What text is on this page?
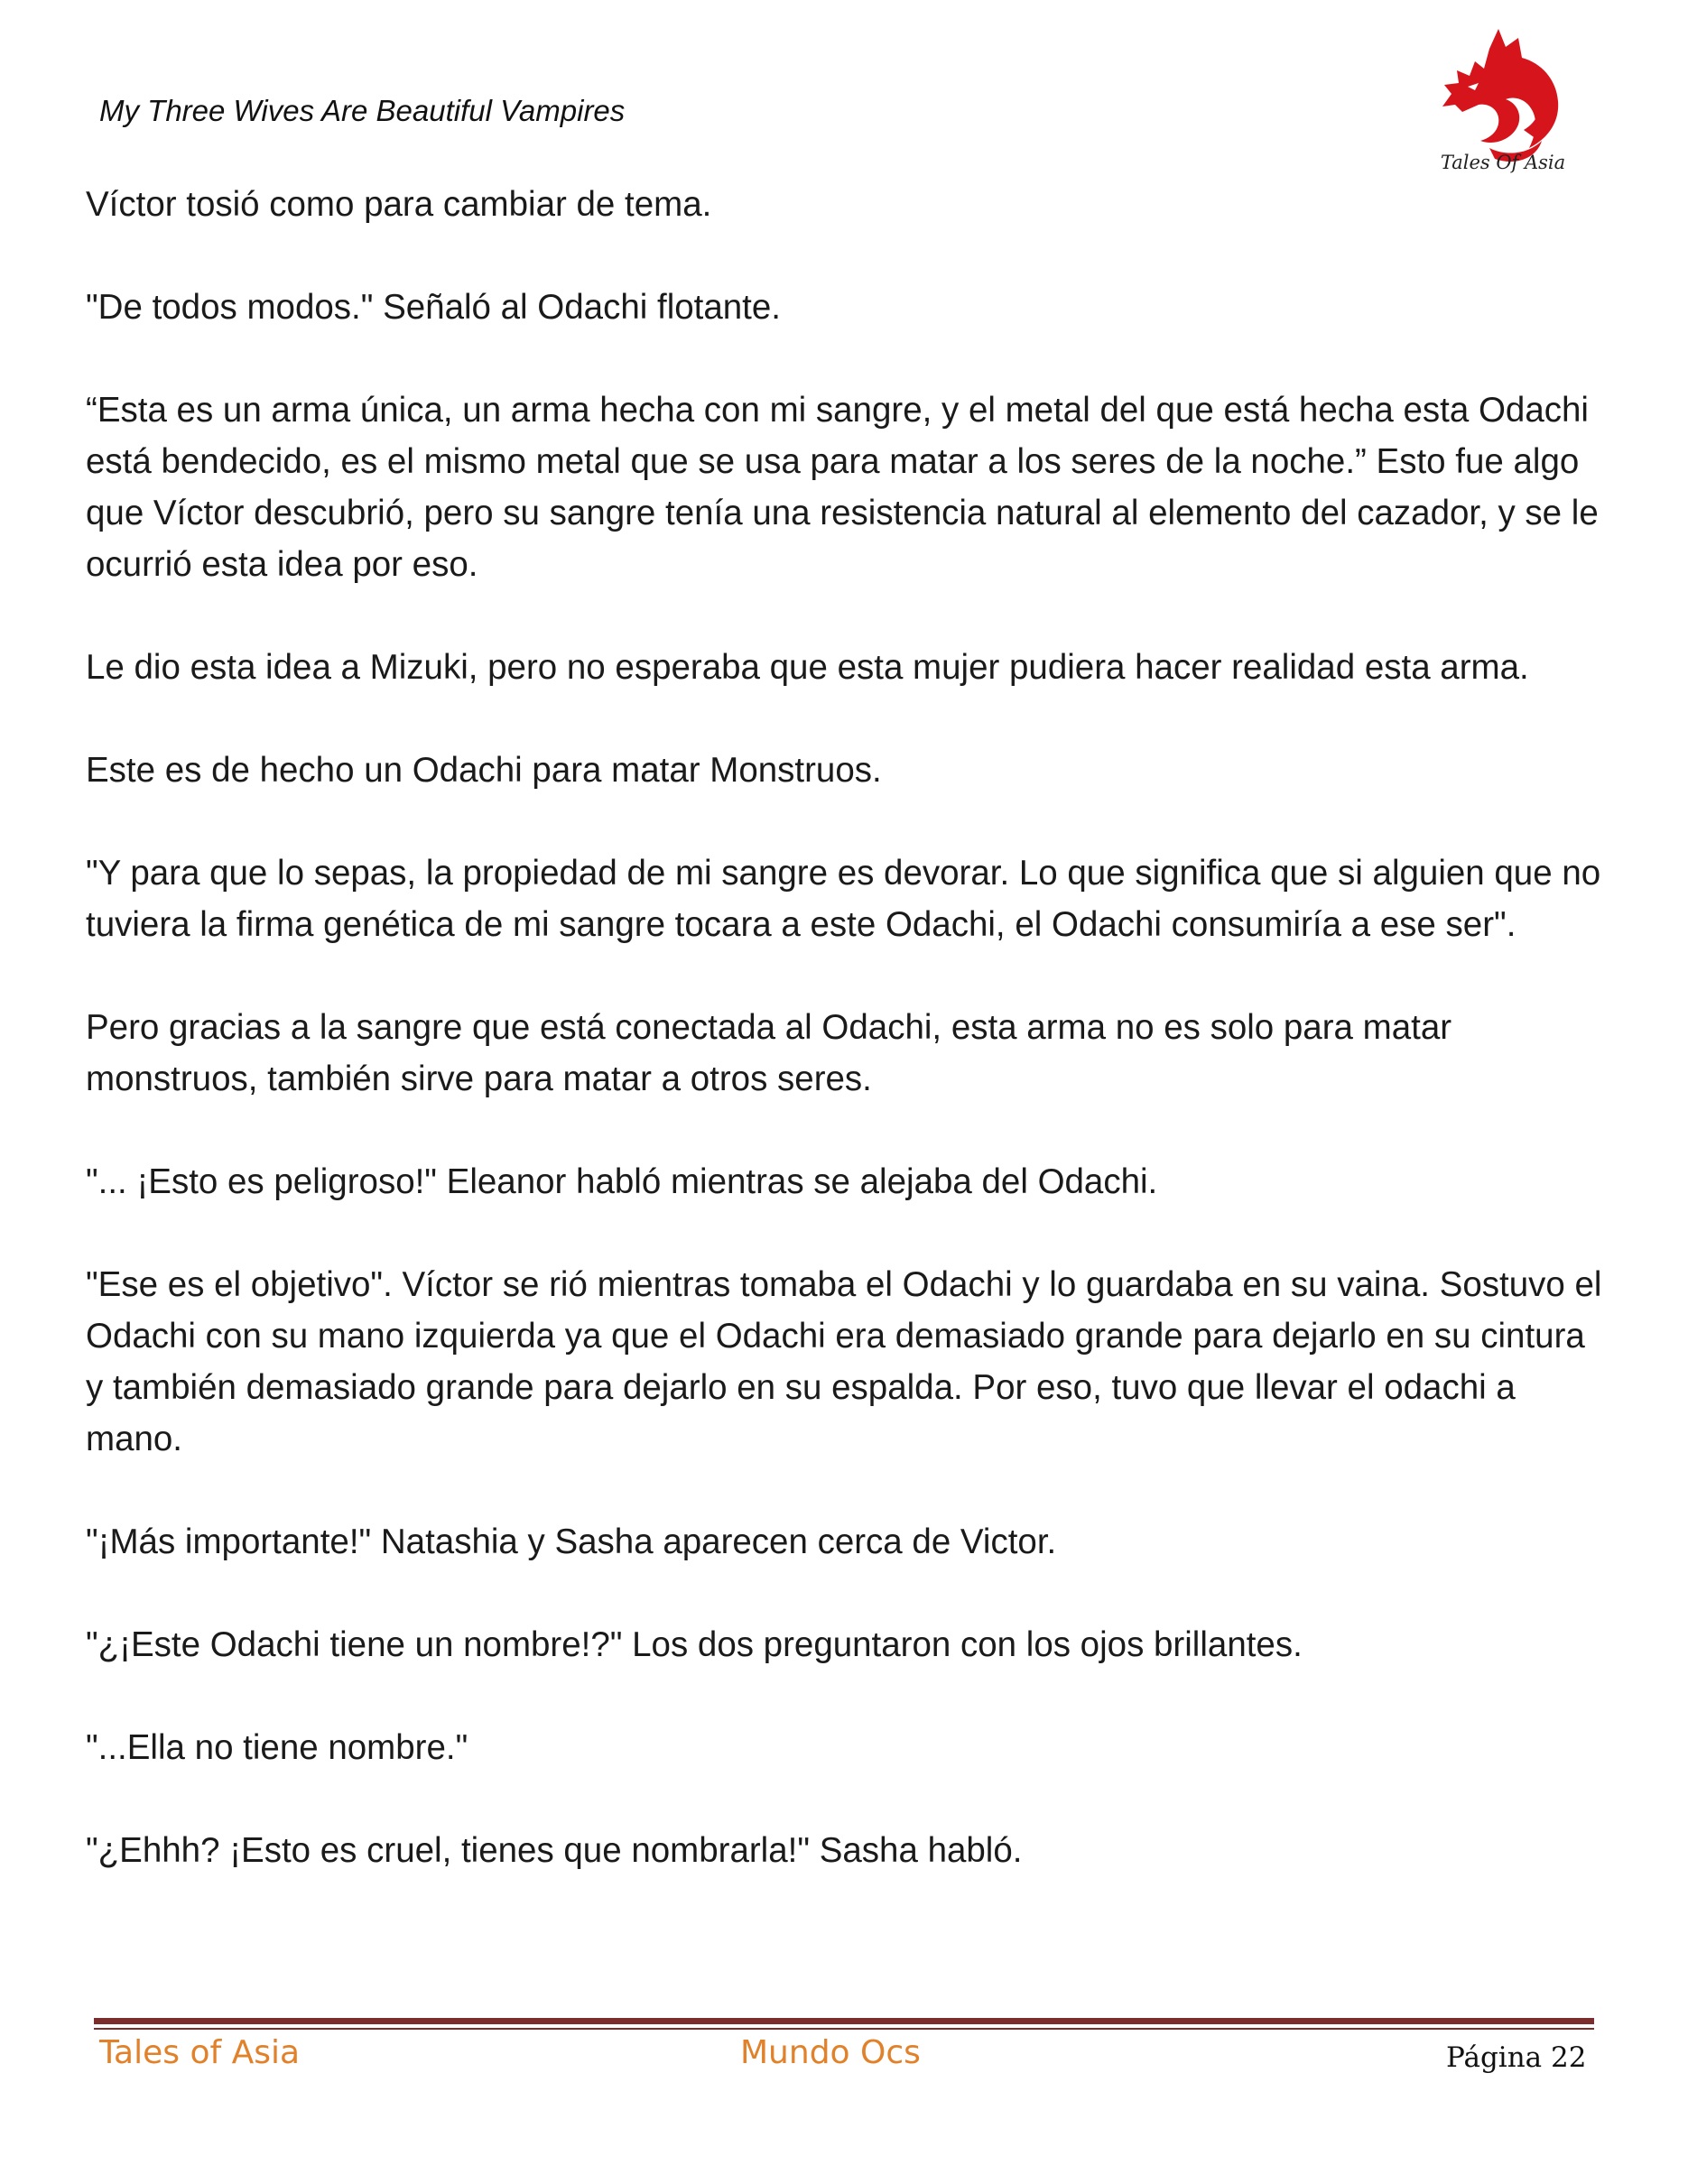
My Three Wives Are Beautiful Vampires
Tales Of Asia

Víctor tosió como para cambiar de tema.

"De todos modos." Señaló al Odachi flotante.

“Esta es un arma única, un arma hecha con mi sangre, y el metal del que está hecha esta Odachi está bendecido, es el mismo metal que se usa para matar a los seres de la noche.” Esto fue algo que Víctor descubrió, pero su sangre tenía una resistencia natural al elemento del cazador, y se le ocurrió esta idea por eso.

Le dio esta idea a Mizuki, pero no esperaba que esta mujer pudiera hacer realidad esta arma.

Este es de hecho un Odachi para matar Monstruos.

"Y para que lo sepas, la propiedad de mi sangre es devorar. Lo que significa que si alguien que no tuviera la firma genética de mi sangre tocara a este Odachi, el Odachi consumiría a ese ser".

Pero gracias a la sangre que está conectada al Odachi, esta arma no es solo para matar monstruos, también sirve para matar a otros seres.

"... ¡Esto es peligroso!" Eleanor habló mientras se alejaba del Odachi.

"Ese es el objetivo". Víctor se rió mientras tomaba el Odachi y lo guardaba en su vaina. Sostuvo el Odachi con su mano izquierda ya que el Odachi era demasiado grande para dejarlo en su cintura y también demasiado grande para dejarlo en su espalda. Por eso, tuvo que llevar el odachi a mano.

"¡Más importante!" Natashia y Sasha aparecen cerca de Victor.

"¿¡Este Odachi tiene un nombre!?" Los dos preguntaron con los ojos brillantes.

"...Ella no tiene nombre."

"¿Ehhh? ¡Esto es cruel, tienes que nombrarla!" Sasha habló.

Tales of Asia	Mundo Ocs	Página 22
